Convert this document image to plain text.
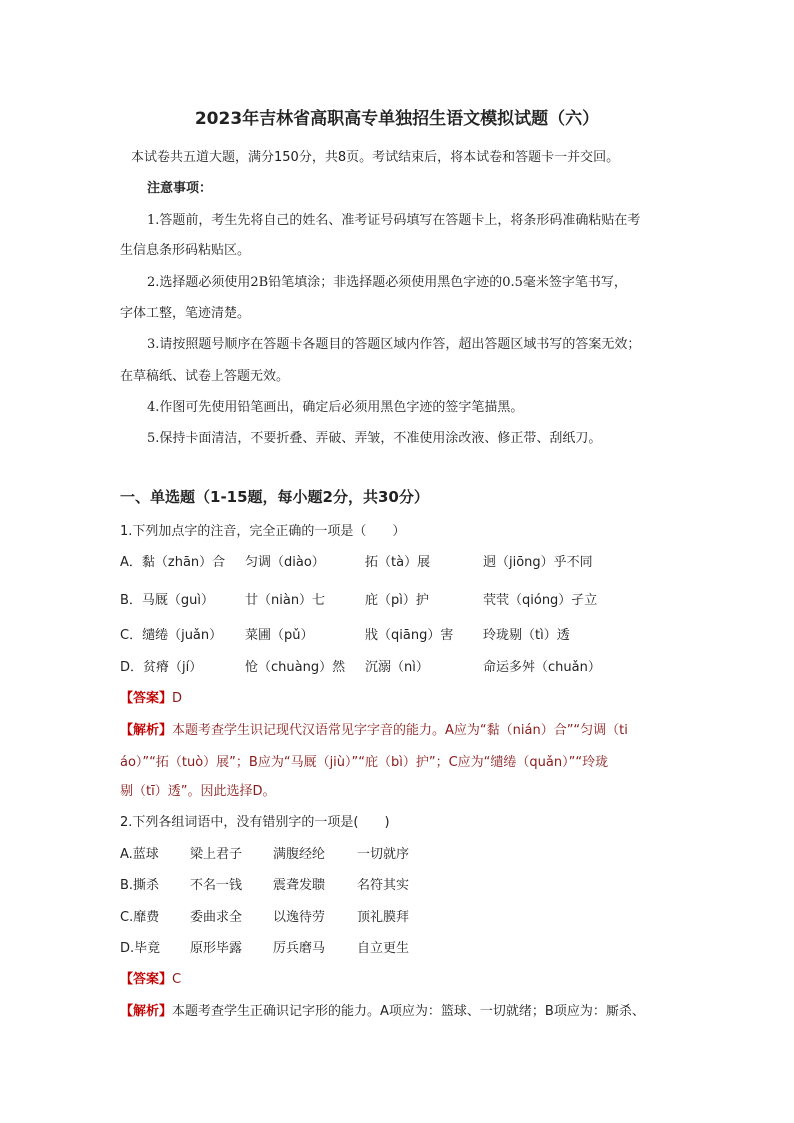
2023年吉林省高职高专单独招生语文模拟试题（六）
本试卷共五道大题，满分150分，共8页。考试结束后，将本试卷和答题卡一并交回。
注意事项：
1.答题前，考生先将自己的姓名、准考证号码填写在答题卡上，将条形码准确粘贴在考
生信息条形码粘贴区。
2.选择题必须使用2B铅笔填涂；非选择题必须使用黑色字迹的0.5毫米签字笔书写，
字体工整，笔迹清楚。
3.请按照题号顺序在答题卡各题目的答题区域内作答，超出答题区域书写的答案无效；
在草稿纸、试卷上答题无效。
4.作图可先使用铅笔画出，确定后必须用黑色字迹的签字笔描黑。
5.保持卡面清洁，不要折叠、弄破、弄皱，不准使用涂改液、修正带、刮纸刀。
一、单选题（1-15题，每小题2分，共30分）
1.下列加点字的注音，完全正确的一项是（　　）
A．黏（zhān）合 匀调（diào）	拓（tà）展	迥（jiōng）乎不同
B．马厩（guì） 廿（niàn）七	庇（pì）护	茕茕（qióng）孑立
C．缱绻（juǎn） 菜圃（pǔ）	戕（qiāng）害 玲珑剔（tì）透
D．贫瘠（jí）	怆（chuàng）然 沉溺（nì）	命运多舛（chuǎn）
【答案】D
【解析】本题考查学生识记现代汉语常见字字音的能力。A应为“黏（nián）合”“匀调（ti
áo）”“拓（tuò）展”；B应为“马厩（jiù）”“庇（bì）护”；C应为“缱绻（quǎn）”“玲珑
剔（tī）透”。因此选择D。
2.下列各组词语中，没有错别字的一项是(　　)
A.蓝球 梁上君子 满腹经纶 一切就序
B.撕杀 不名一钱 震聋发聩 名符其实
C.靡费 委曲求全 以逸待劳 顶礼膜拜
D.毕竟 原形毕露 厉兵磨马 自立更生
【答案】C
【解析】本题考查学生正确识记字形的能力。A项应为：篮球、一切就绪；B项应为：厮杀、
